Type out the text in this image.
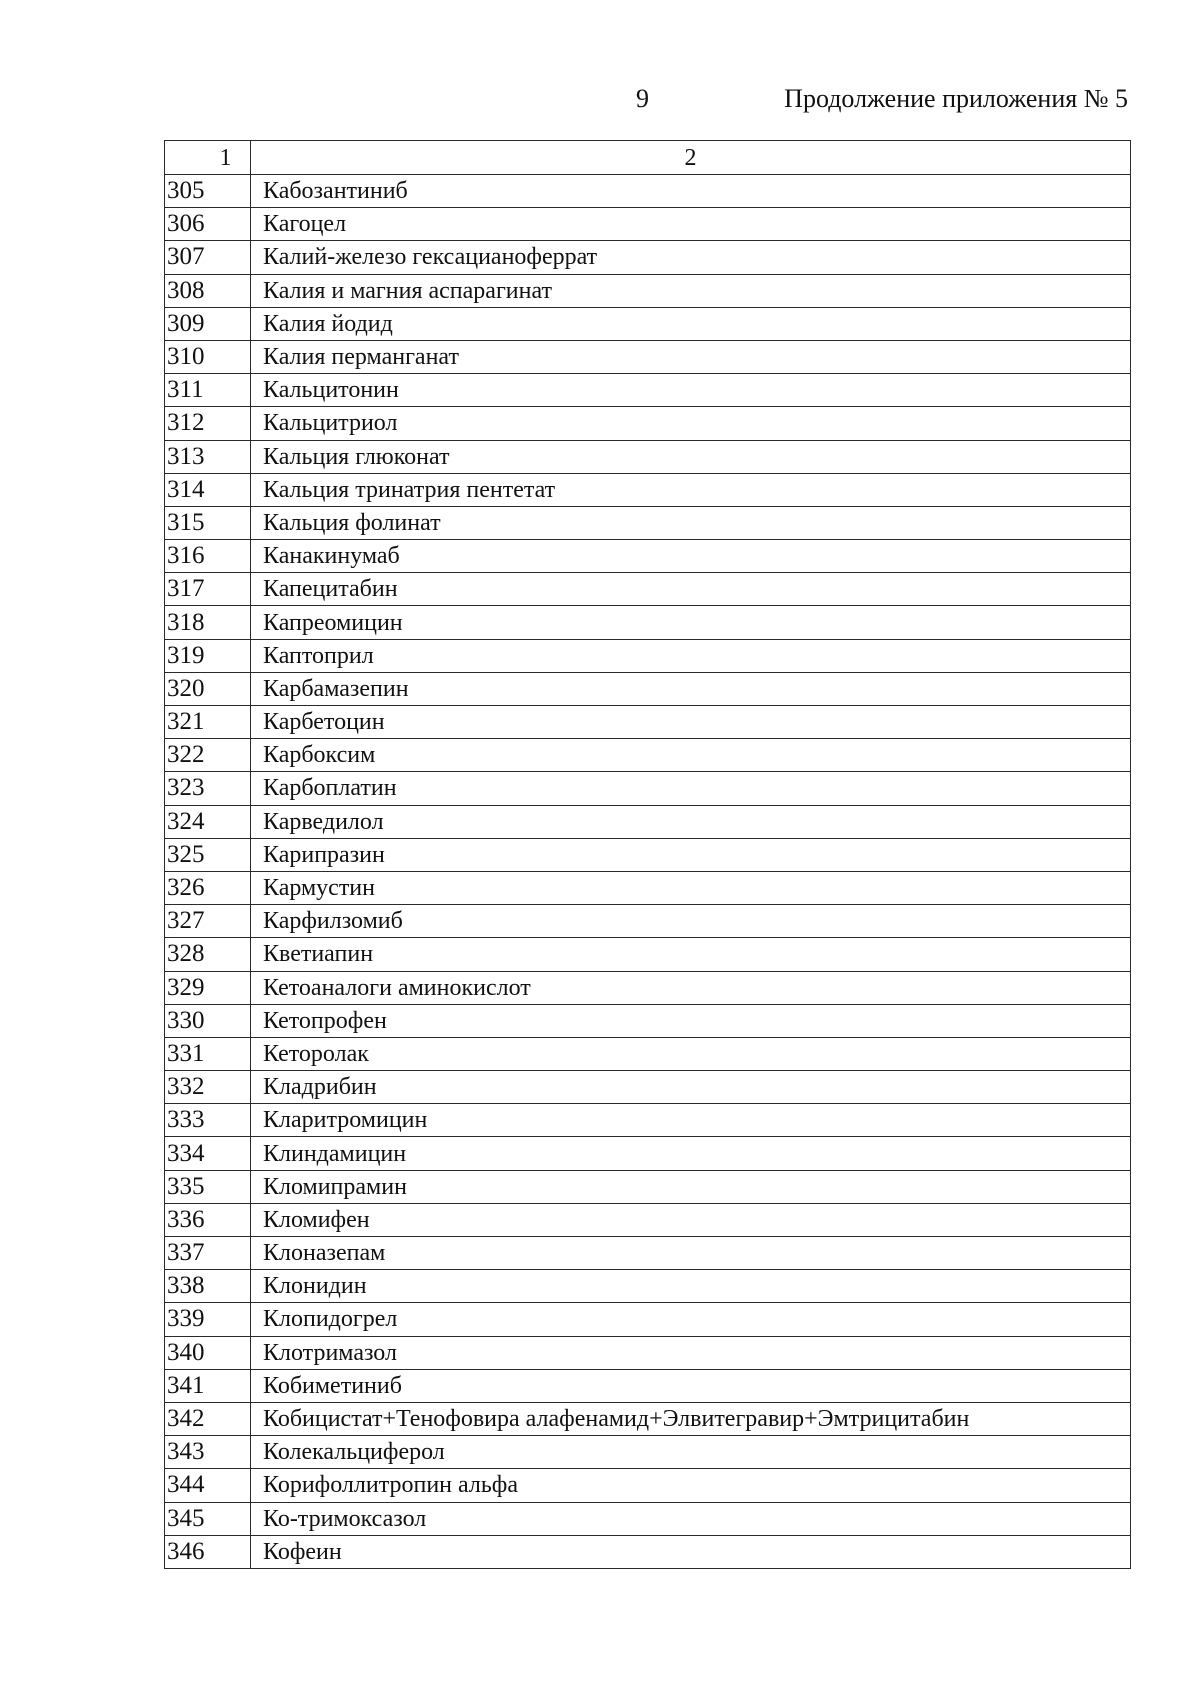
9	Продолжение приложения № 5
1	2
305	Кабозантиниб
306	Кагоцел
307	Калий-железо гексацианоферрат
308	Калия и магния аспарагинат
309	Калия йодид
310	Калия перманганат
311	Кальцитонин
312	Кальцитриол
313	Кальция глюконат
314	Кальция тринатрия пентетат
315	Кальция фолинат
316	Канакинумаб
317	Капецитабин
318	Капреомицин
319	Каптоприл
320	Карбамазепин
321	Карбетоцин
322	Карбоксим
323	Карбоплатин
324	Карведилол
325	Карипразин
326	Кармустин
327	Карфилзомиб
328	Кветиапин
329	Кетоаналоги аминокислот
330	Кетопрофен
331	Кеторолак
332	Кладрибин
333	Кларитромицин
334	Клиндамицин
335	Кломипрамин
336	Кломифен
337	Клоназепам
338	Клонидин
339	Клопидогрел
340	Клотримазол
341	Кобиметиниб
342	Кобицистат+Тенофовира алафенамид+Элвитегравир+Эмтрицитабин
343	Колекальциферол
344	Корифоллитропин альфа
345	Ко-тримоксазол
346	Кофеин
